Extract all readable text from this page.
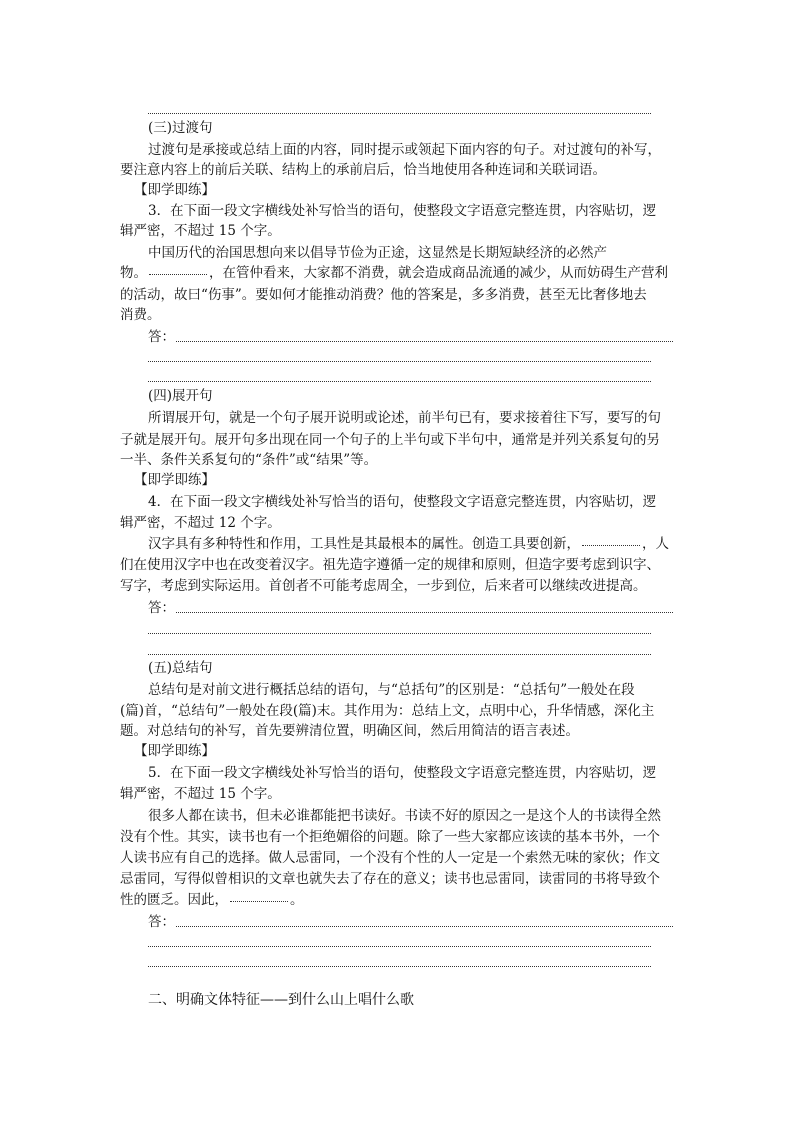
(三)过渡句
过渡句是承接或总结上面的内容，同时提示或领起下面内容的句子。对过渡句的补写，
要注意内容上的前后关联、结构上的承前启后，恰当地使用各种连词和关联词语。
【即学即练】
3．在下面一段文字横线处补写恰当的语句，使整段文字语意完整连贯，内容贴切，逻
辑严密，不超过 15 个字。
中国历代的治国思想向来以倡导节俭为正途，这显然是长期短缺经济的必然产
物。	，在管仲看来，大家都不消费，就会造成商品流通的减少，从而妨碍生产营利
的活动，故曰“伤事”。要如何才能推动消费？他的答案是，多多消费，甚至无比奢侈地去
消费。
答：
(四)展开句
所谓展开句，就是一个句子展开说明或论述，前半句已有，要求接着往下写，要写的句
子就是展开句。展开句多出现在同一个句子的上半句或下半句中，通常是并列关系复句的另
一半、条件关系复句的“条件”或“结果”等。
【即学即练】
4．在下面一段文字横线处补写恰当的语句，使整段文字语意完整连贯，内容贴切，逻
辑严密，不超过 12 个字。
汉字具有多种特性和作用，工具性是其最根本的属性。创造工具要创新，	，人
们在使用汉字中也在改变着汉字。祖先造字遵循一定的规律和原则，但造字要考虑到识字、
写字，考虑到实际运用。首创者不可能考虑周全，一步到位，后来者可以继续改进提高。
答：
(五)总结句
总结句是对前文进行概括总结的语句，与“总括句”的区别是：“总括句”一般处在段
(篇)首，“总结句”一般处在段(篇)末。其作用为：总结上文，点明中心，升华情感，深化主
题。对总结句的补写，首先要辨清位置，明确区间，然后用简洁的语言表述。
【即学即练】
5．在下面一段文字横线处补写恰当的语句，使整段文字语意完整连贯，内容贴切，逻
辑严密，不超过 15 个字。
很多人都在读书，但未必谁都能把书读好。书读不好的原因之一是这个人的书读得全然
没有个性。其实，读书也有一个拒绝媚俗的问题。除了一些大家都应该读的基本书外，一个
人读书应有自己的选择。做人忌雷同，一个没有个性的人一定是一个索然无味的家伙；作文
忌雷同，写得似曾相识的文章也就失去了存在的意义；读书也忌雷同，读雷同的书将导致个
性的匮乏。因此，	。
答：
二、明确文体特征——到什么山上唱什么歌
